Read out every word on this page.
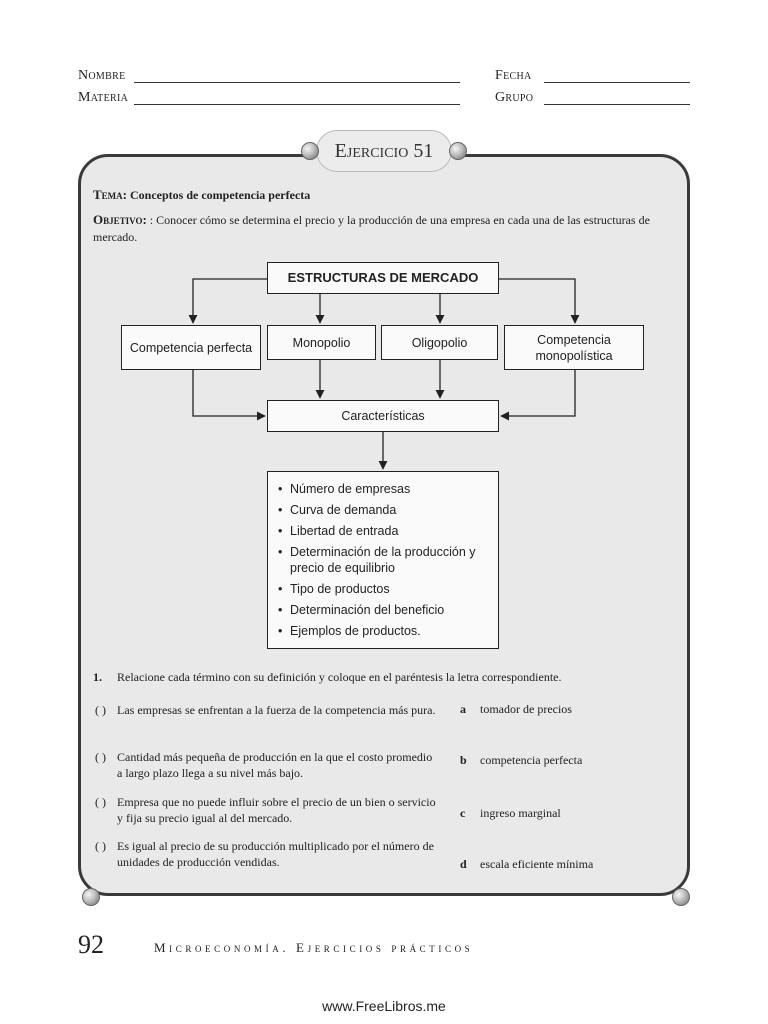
Nombre
Materia
Fecha
Grupo
Ejercicio 51
Tema: Conceptos de competencia perfecta
Objetivo: : Conocer cómo se determina el precio y la producción de una empresa en cada una de las estructuras de mercado.
ESTRUCTURAS DE MERCADO
Competencia perfecta	Monopolio	Oligopolio	Competencia monopolística
Características
• Número de empresas
• Curva de demanda
• Libertad de entrada
• Determinación de la producción y precio de equilibrio
• Tipo de productos
• Determinación del beneficio
• Ejemplos de productos.
1. Relacione cada término con su definición y coloque en el paréntesis la letra correspondiente.
( ) Las empresas se enfrentan a la fuerza de la competencia más pura.
( ) Cantidad más pequeña de producción en la que el costo promedio a largo plazo llega a su nivel más bajo.
( ) Empresa que no puede influir sobre el precio de un bien o servicio y fija su precio igual al del mercado.
( ) Es igual al precio de su producción multiplicado por el número de unidades de producción vendidas.
a tomador de precios
b competencia perfecta
c ingreso marginal
d escala eficiente mínima
92	Microeconomía. Ejercicios prácticos
www.FreeLibros.me
